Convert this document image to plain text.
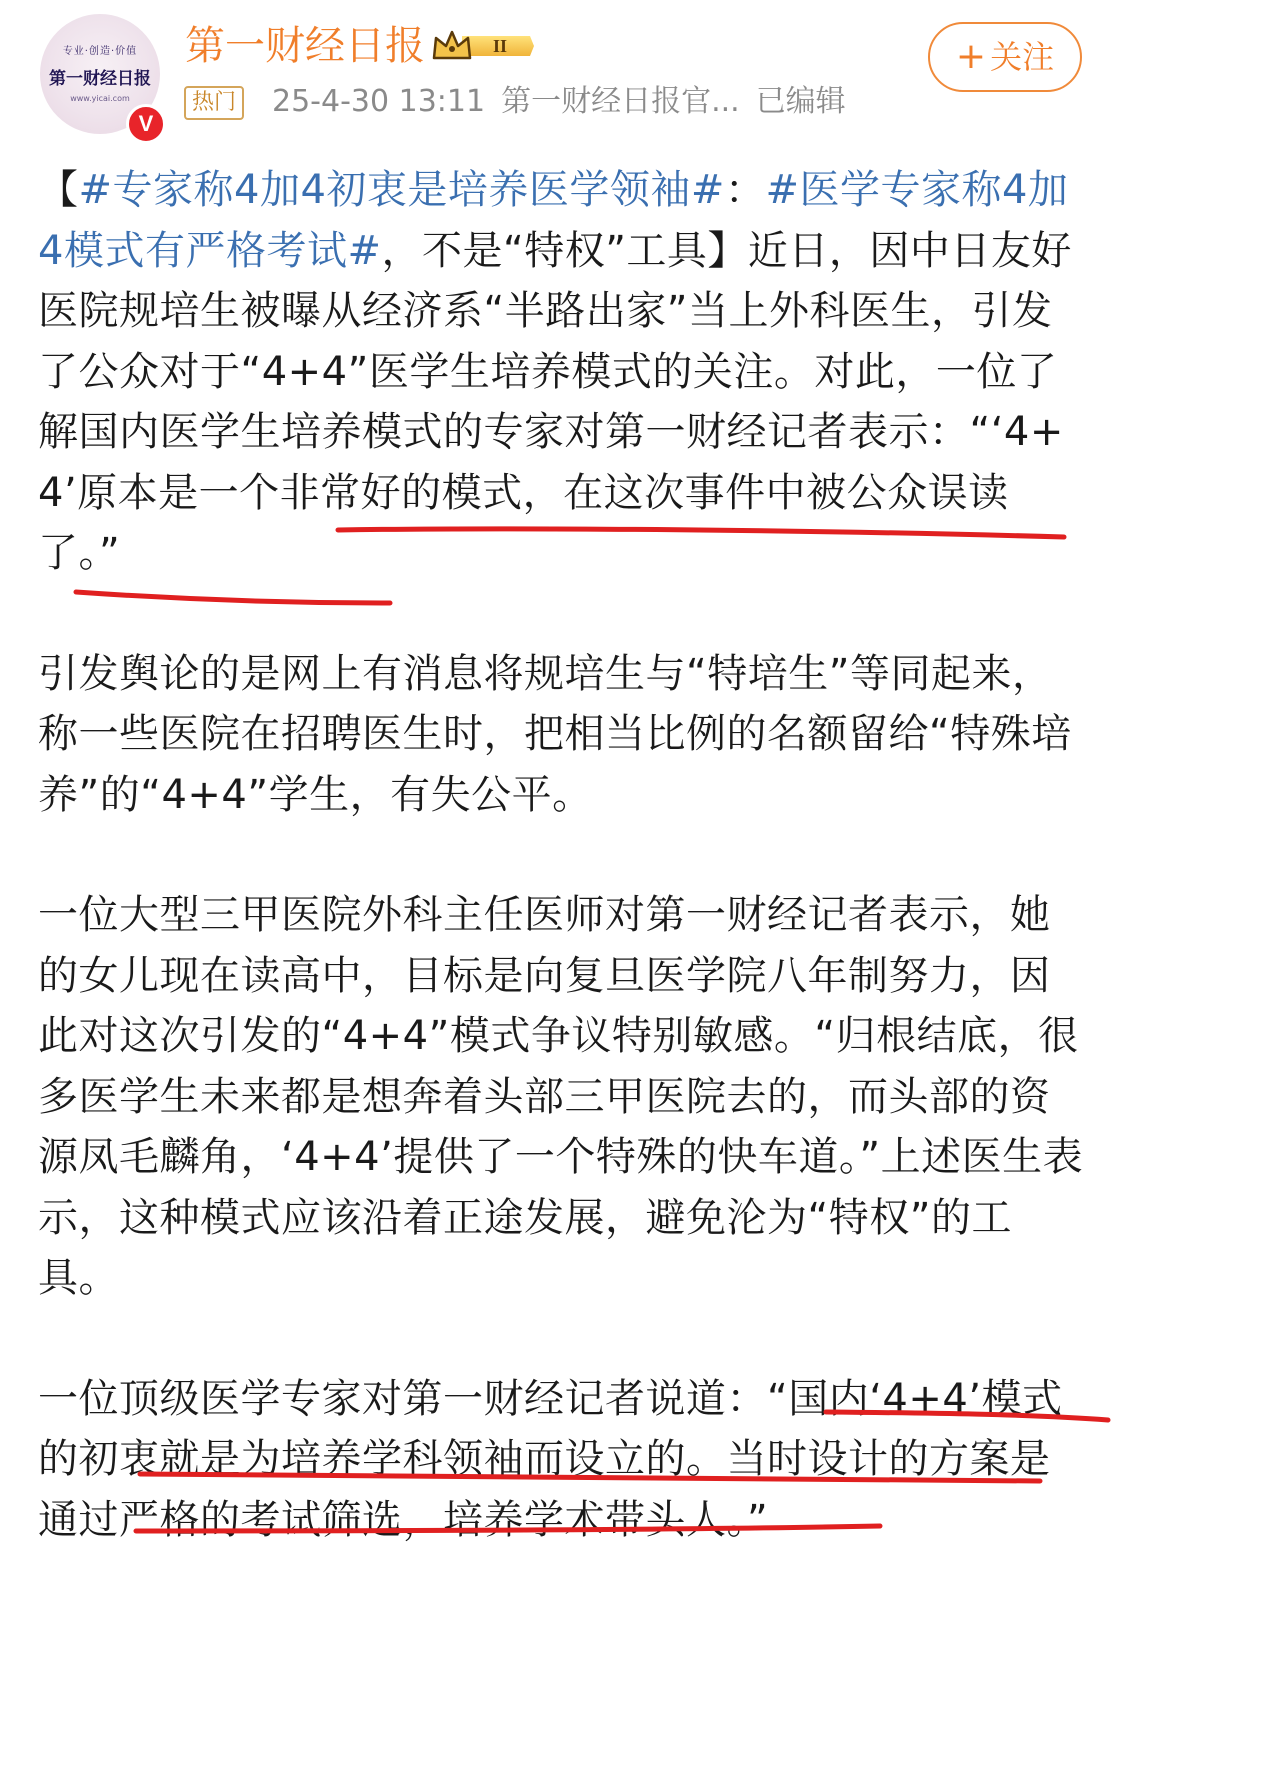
专业·创造·价值
第一财经日报
www.yicai.com
V
第一财经日报	II
热门 25-4-30 13:11 第一财经日报官... 已编辑
+ 关注

【#专家称4加4初衷是培养医学领袖#：#医学专家称4加4模式有严格考试#，不是“特权”工具】近日，因中日友好医院规培生被曝从经济系“半路出家”当上外科医生，引发了公众对于“4+4”医学生培养模式的关注。对此，一位了解国内医学生培养模式的专家对第一财经记者表示：“‘4+4’原本是一个非常好的模式，在这次事件中被公众误读了。”

引发舆论的是网上有消息将规培生与“特培生”等同起来，称一些医院在招聘医生时，把相当比例的名额留给“特殊培养”的“4+4”学生，有失公平。

一位大型三甲医院外科主任医师对第一财经记者表示，她的女儿现在读高中，目标是向复旦医学院八年制努力，因此对这次引发的“4+4”模式争议特别敏感。“归根结底，很多医学生未来都是想奔着头部三甲医院去的，而头部的资源凤毛麟角，‘4+4’提供了一个特殊的快车道。”上述医生表示，这种模式应该沿着正途发展，避免沦为“特权”的工具。

一位顶级医学专家对第一财经记者说道：“国内‘4+4’模式的初衷就是为培养学科领袖而设立的。当时设计的方案是通过严格的考试筛选，培养学术带头人。”
